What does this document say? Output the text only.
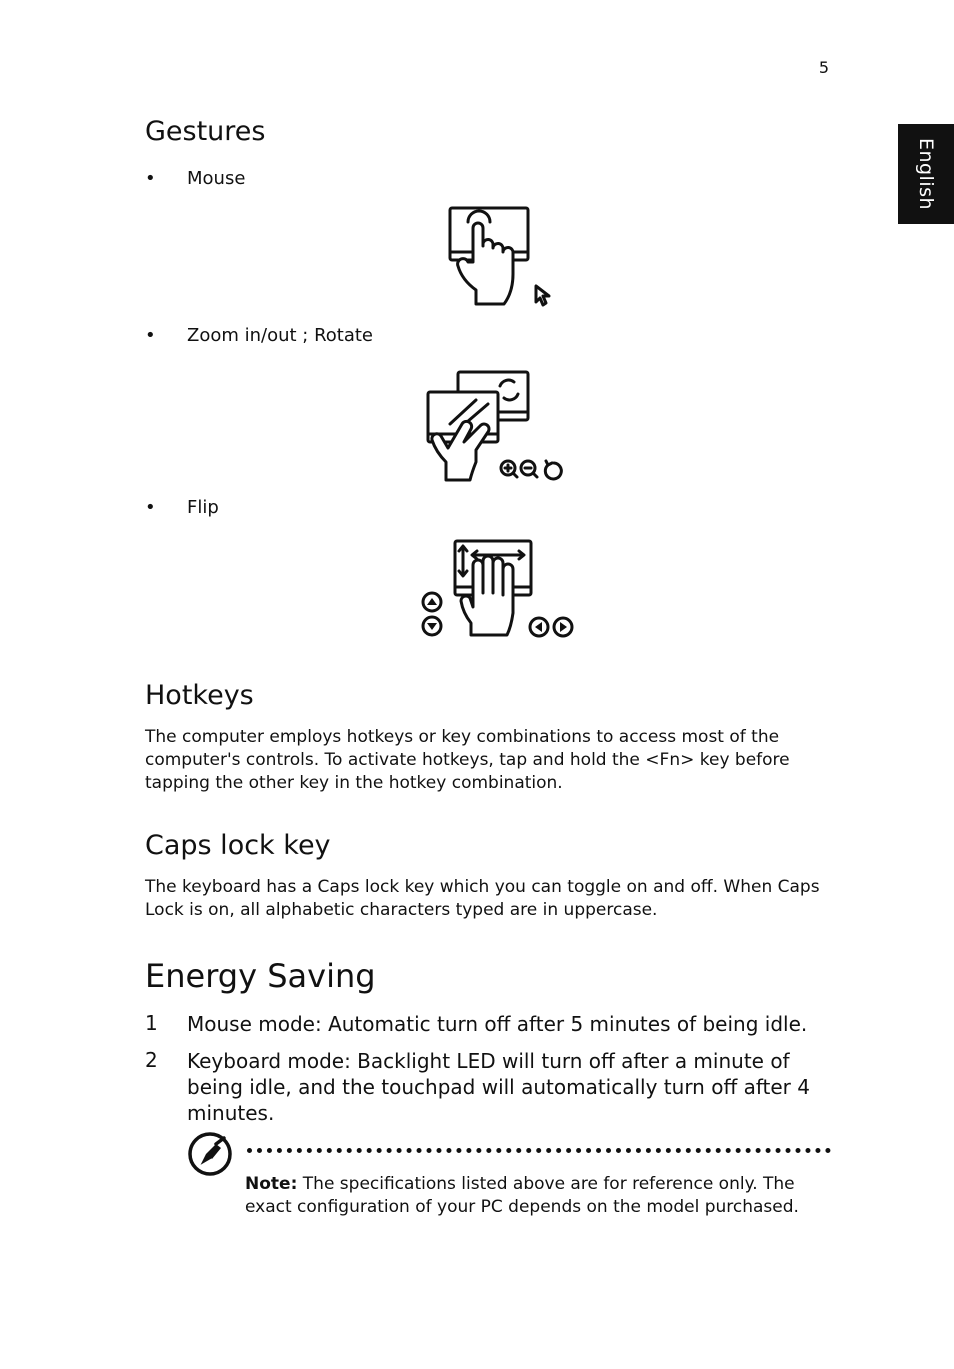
5
English
Gestures
• Mouse
• Zoom in/out ; Rotate
• Flip
Hotkeys
The computer employs hotkeys or key combinations to access most of the
computer's controls. To activate hotkeys, tap and hold the <Fn> key before
tapping the other key in the hotkey combination.
Caps lock key
The keyboard has a Caps lock key which you can toggle on and off. When Caps
Lock is on, all alphabetic characters typed are in uppercase.
Energy Saving
1 Mouse mode: Automatic turn off after 5 minutes of being idle.
2 Keyboard mode: Backlight LED will turn off after a minute of
being idle, and the touchpad will automatically turn off after 4
minutes.
Note: The specifications listed above are for reference only. The
exact configuration of your PC depends on the model purchased.
